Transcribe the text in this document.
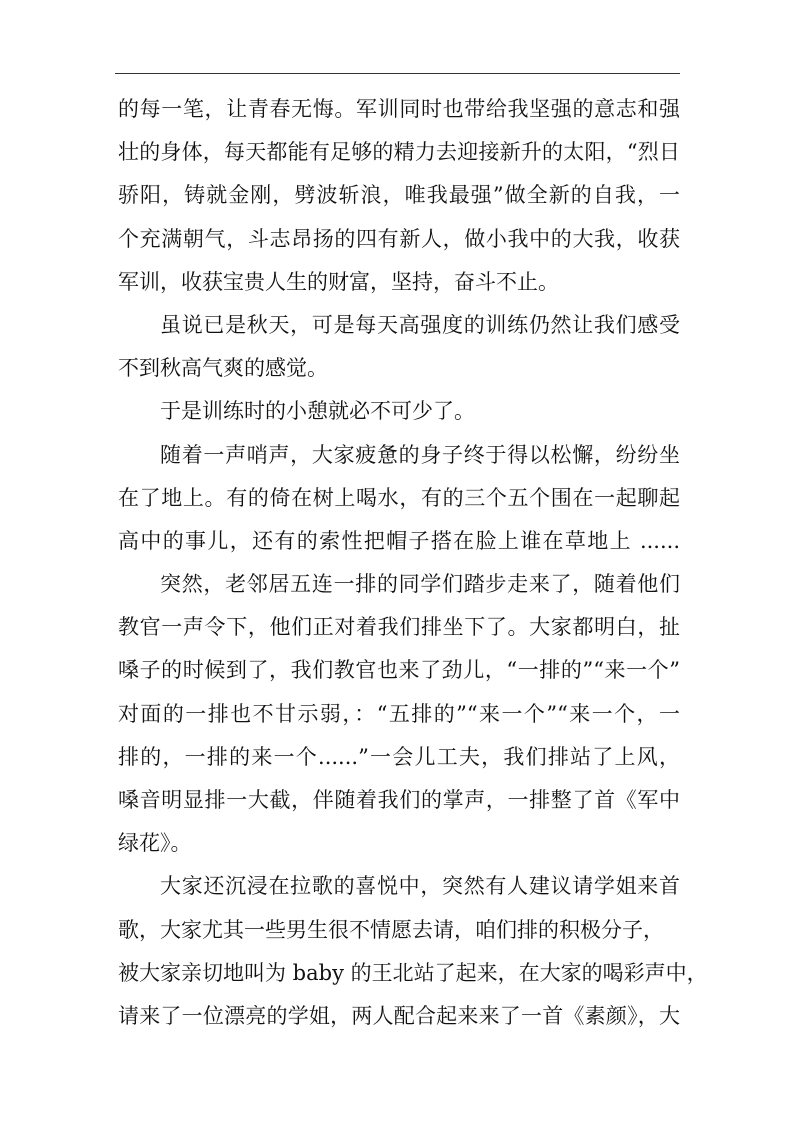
的每一笔，让青春无悔。军训同时也带给我坚强的意志和强
壮的身体，每天都能有足够的精力去迎接新升的太阳，“烈日
骄阳，铸就金刚，劈波斩浪，唯我最强”做全新的自我，一
个充满朝气，斗志昂扬的四有新人，做小我中的大我，收获
军训，收获宝贵人生的财富，坚持，奋斗不止。
虽说已是秋天，可是每天高强度的训练仍然让我们感受
不到秋高气爽的感觉。
于是训练时的小憩就必不可少了。
随着一声哨声，大家疲惫的身子终于得以松懈，纷纷坐
在了地上。有的倚在树上喝水，有的三个五个围在一起聊起
高中的事儿，还有的索性把帽子搭在脸上谁在草地上 ......
突然，老邻居五连一排的同学们踏步走来了，随着他们
教官一声令下，他们正对着我们排坐下了。大家都明白，扯
嗓子的时候到了，我们教官也来了劲儿，“一排的”“来一个”
对面的一排也不甘示弱，：“五排的”“来一个”“来一个，一
排的，一排的来一个......”一会儿工夫，我们排站了上风，
嗓音明显排一大截，伴随着我们的掌声，一排整了首《军中
绿花》。
大家还沉浸在拉歌的喜悦中，突然有人建议请学姐来首
歌，大家尤其一些男生很不情愿去请，咱们排的积极分子，
被大家亲切地叫为 baby 的王北站了起来，在大家的喝彩声中，
请来了一位漂亮的学姐，两人配合起来来了一首《素颜》，大
